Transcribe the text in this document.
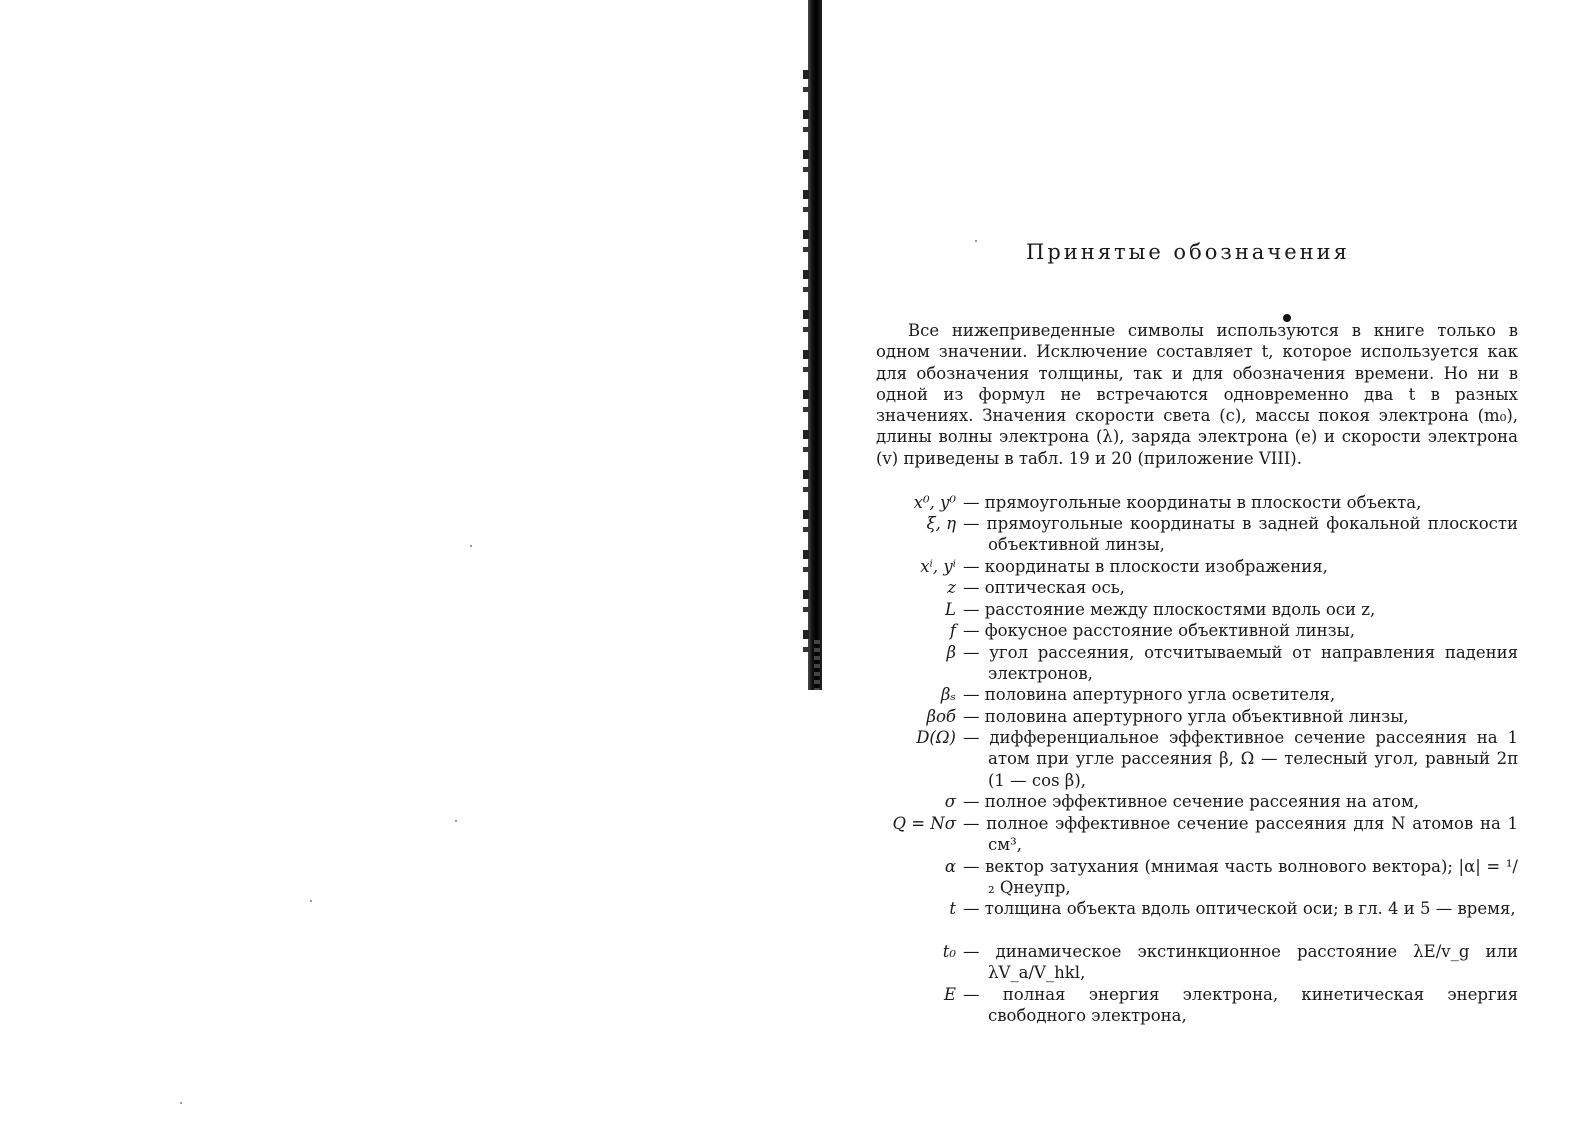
Принятые обозначения

Все нижеприведенные символы используются в книге только в одном значении. Исключение составляет t, которое используется как для обозначения толщины, так и для обозначения времени. Но ни в одной из формул не встречаются одновременно два t в разных значениях. Значения скорости света (c), массы покоя электрона (m₀), длины волны электрона (λ), заряда электрона (e) и скорости электрона (v) приведены в табл. 19 и 20 (приложение VIII).

x⁰, y⁰ — прямоугольные координаты в плоскости объекта,
ξ, η — прямоугольные координаты в задней фокальной плоскости объективной линзы,
xⁱ, yⁱ — координаты в плоскости изображения,
z — оптическая ось,
L — расстояние между плоскостями вдоль оси z,
f — фокусное расстояние объективной линзы,
β — угол рассеяния, отсчитываемый от направления падения электронов,
βₛ — половина апертурного угла осветителя,
βоб — половина апертурного угла объективной линзы,
D(Ω) — дифференциальное эффективное сечение рассеяния на 1 атом при угле рассеяния β, Ω — телесный угол, равный 2π (1 — cos β),
σ — полное эффективное сечение рассеяния на атом,
Q = Nσ — полное эффективное сечение рассеяния для N атомов на 1 см³,
α — вектор затухания (мнимая часть волнового вектора); |α| = ¹/₂ Qнеупр,
t — толщина объекта вдоль оптической оси; в гл. 4 и 5 — время,
t₀ — динамическое экстинкционное расстояние λE/v_g или λV_a/V_hkl,
E — полная энергия электрона, кинетическая энергия свободного электрона,
